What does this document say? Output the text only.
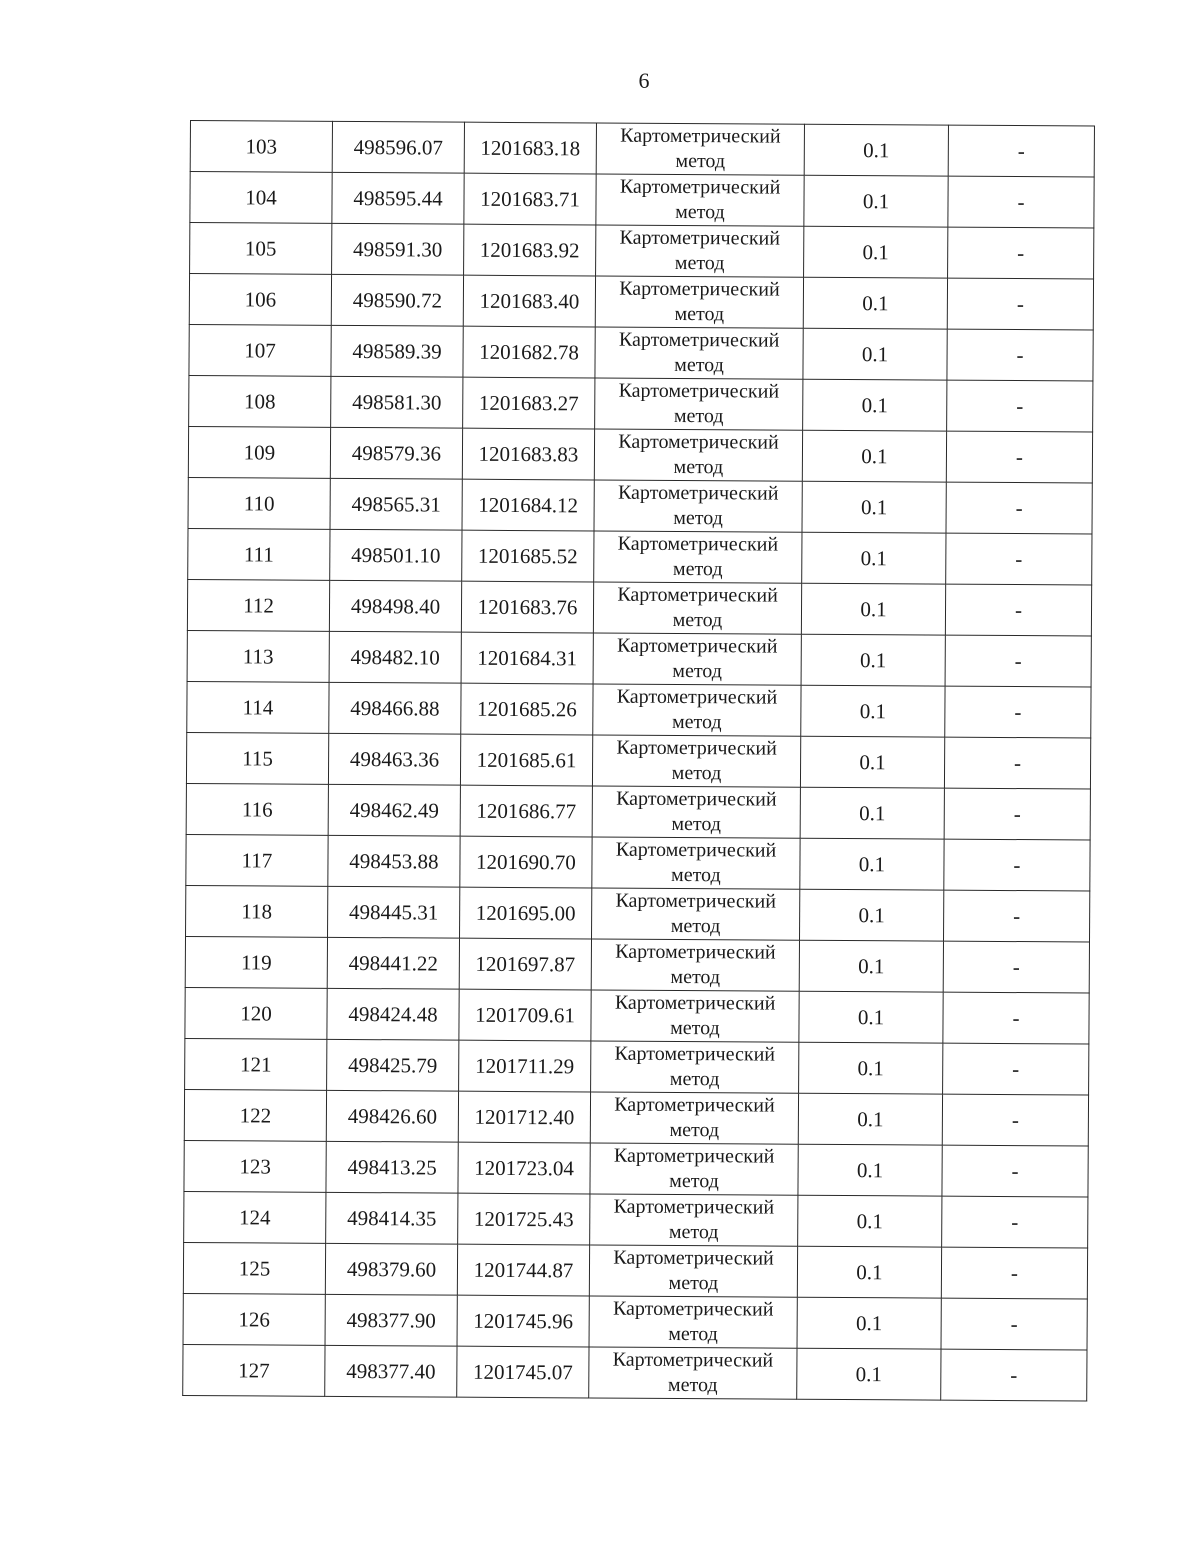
6
103	498596.07	1201683.18	Картометрический
метод	0.1	-
104	498595.44	1201683.71	Картометрический
метод	0.1	-
105	498591.30	1201683.92	Картометрический
метод	0.1	-
106	498590.72	1201683.40	Картометрический
метод	0.1	-
107	498589.39	1201682.78	Картометрический
метод	0.1	-
108	498581.30	1201683.27	Картометрический
метод	0.1	-
109	498579.36	1201683.83	Картометрический
метод	0.1	-
110	498565.31	1201684.12	Картометрический
метод	0.1	-
111	498501.10	1201685.52	Картометрический
метод	0.1	-
112	498498.40	1201683.76	Картометрический
метод	0.1	-
113	498482.10	1201684.31	Картометрический
метод	0.1	-
114	498466.88	1201685.26	Картометрический
метод	0.1	-
115	498463.36	1201685.61	Картометрический
метод	0.1	-
116	498462.49	1201686.77	Картометрический
метод	0.1	-
117	498453.88	1201690.70	Картометрический
метод	0.1	-
118	498445.31	1201695.00	Картометрический
метод	0.1	-
119	498441.22	1201697.87	Картометрический
метод	0.1	-
120	498424.48	1201709.61	Картометрический
метод	0.1	-
121	498425.79	1201711.29	Картометрический
метод	0.1	-
122	498426.60	1201712.40	Картометрический
метод	0.1	-
123	498413.25	1201723.04	Картометрический
метод	0.1	-
124	498414.35	1201725.43	Картометрический
метод	0.1	-
125	498379.60	1201744.87	Картометрический
метод	0.1	-
126	498377.90	1201745.96	Картометрический
метод	0.1	-
127	498377.40	1201745.07	Картометрический
метод	0.1	-
